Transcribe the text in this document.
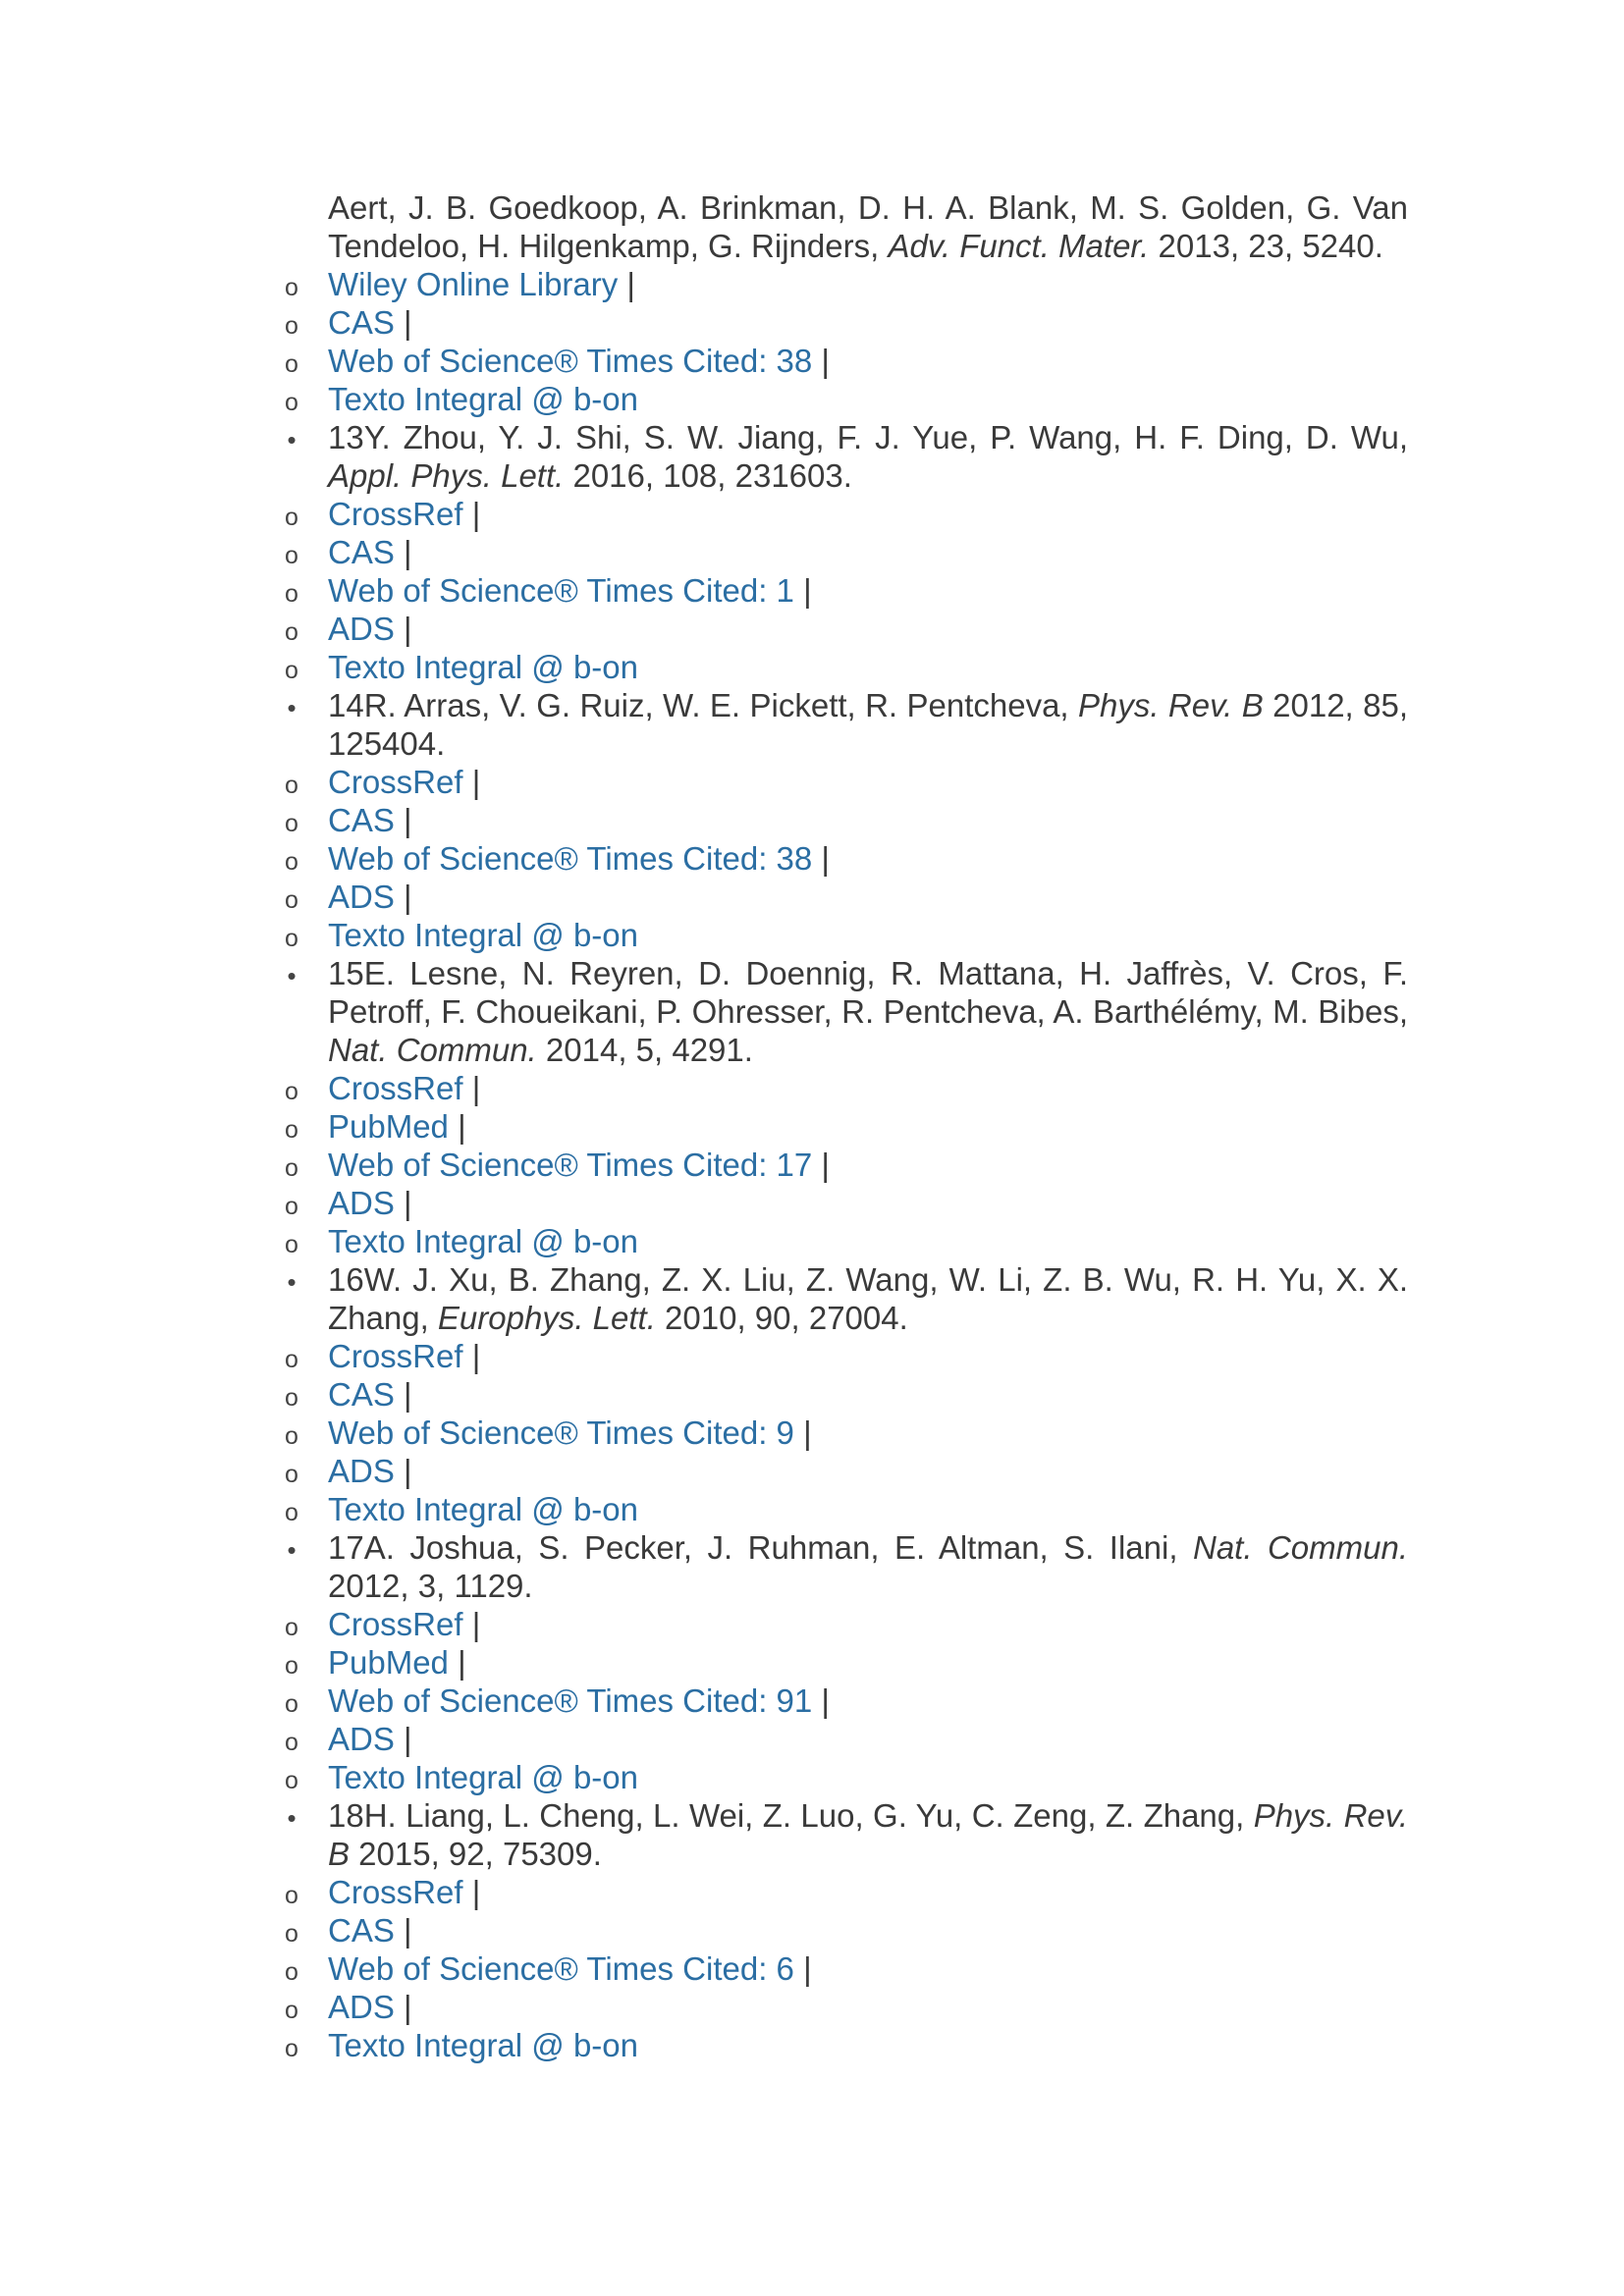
Aert, J. B. Goedkoop, A. Brinkman, D. H. A. Blank, M. S. Golden, G. Van Tendeloo, H. Hilgenkamp, G. Rijnders, Adv. Funct. Mater. 2013, 23, 5240.
o
Wiley Online Library |
o
CAS |
o
Web of Science® Times Cited: 38 |
o
Texto Integral @ b-on
•
13Y. Zhou, Y. J. Shi, S. W. Jiang, F. J. Yue, P. Wang, H. F. Ding, D. Wu, Appl. Phys. Lett. 2016, 108, 231603.
o
CrossRef |
o
CAS |
o
Web of Science® Times Cited: 1 |
o
ADS |
o
Texto Integral @ b-on
•
14R. Arras, V. G. Ruiz, W. E. Pickett, R. Pentcheva, Phys. Rev. B 2012, 85, 125404.
o
CrossRef |
o
CAS |
o
Web of Science® Times Cited: 38 |
o
ADS |
o
Texto Integral @ b-on
•
15E. Lesne, N. Reyren, D. Doennig, R. Mattana, H. Jaffrès, V. Cros, F. Petroff, F. Choueikani, P. Ohresser, R. Pentcheva, A. Barthélémy, M. Bibes, Nat. Commun. 2014, 5, 4291.
o
CrossRef |
o
PubMed |
o
Web of Science® Times Cited: 17 |
o
ADS |
o
Texto Integral @ b-on
•
16W. J. Xu, B. Zhang, Z. X. Liu, Z. Wang, W. Li, Z. B. Wu, R. H. Yu, X. X. Zhang, Europhys. Lett. 2010, 90, 27004.
o
CrossRef |
o
CAS |
o
Web of Science® Times Cited: 9 |
o
ADS |
o
Texto Integral @ b-on
•
17A. Joshua, S. Pecker, J. Ruhman, E. Altman, S. Ilani, Nat. Commun. 2012, 3, 1129.
o
CrossRef |
o
PubMed |
o
Web of Science® Times Cited: 91 |
o
ADS |
o
Texto Integral @ b-on
•
18H. Liang, L. Cheng, L. Wei, Z. Luo, G. Yu, C. Zeng, Z. Zhang, Phys. Rev. B 2015, 92, 75309.
o
CrossRef |
o
CAS |
o
Web of Science® Times Cited: 6 |
o
ADS |
o
Texto Integral @ b-on
